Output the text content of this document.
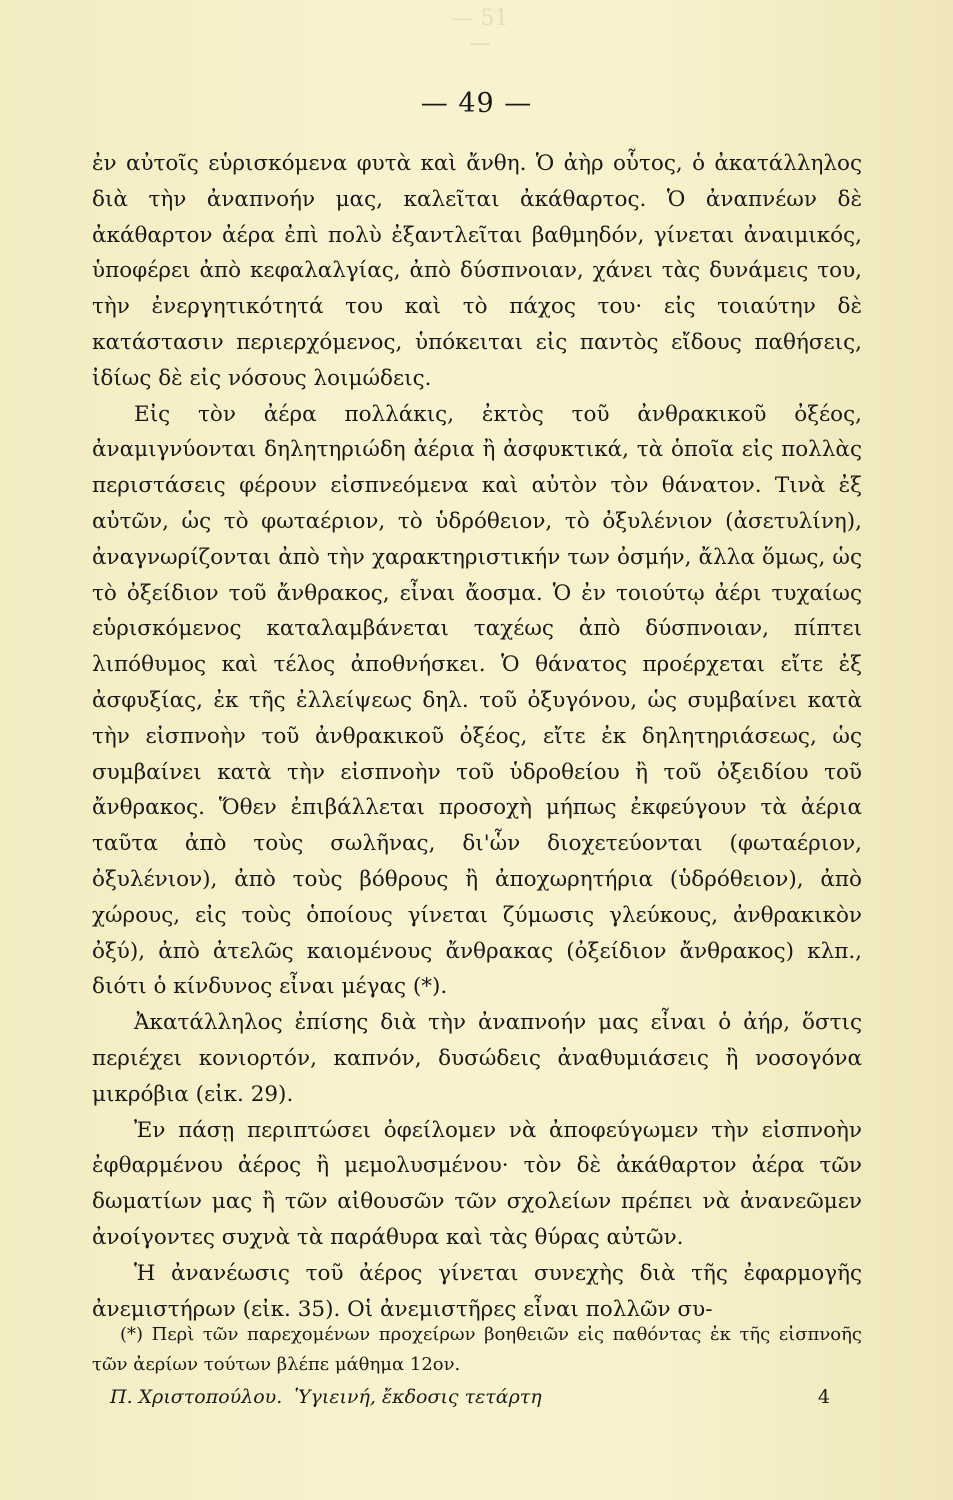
— 51 —
— 49 —

ἐν αὐτοῖς εὑρισκόμενα φυτὰ καὶ ἄνθη. Ὁ ἀὴρ οὗτος, ὁ ἀκατάλληλος διὰ τὴν ἀναπνοήν μας, καλεῖται ἀκάθαρτος. Ὁ ἀναπνέων δὲ ἀκάθαρτον ἀέρα ἐπὶ πολὺ ἐξαντλεῖται βαθμηδόν, γίνεται ἀναιμικός, ὑποφέρει ἀπὸ κεφαλαλγίας, ἀπὸ δύσπνοιαν, χάνει τὰς δυνάμεις του, τὴν ἐνεργητικότητά του καὶ τὸ πάχος του· εἰς τοιαύτην δὲ κατάστασιν περιερχόμενος, ὑπόκειται εἰς παντὸς εἴδους παθήσεις, ἰδίως δὲ εἰς νόσους λοιμώδεις.

Εἰς τὸν ἀέρα πολλάκις, ἐκτὸς τοῦ ἀνθρακικοῦ ὀξέος, ἀναμιγνύονται δηλητηριώδη ἀέρια ἢ ἀσφυκτικά, τὰ ὁποῖα εἰς πολλὰς περιστάσεις φέρουν εἰσπνεόμενα καὶ αὐτὸν τὸν θάνατον. Τινὰ ἐξ αὐτῶν, ὡς τὸ φωταέριον, τὸ ὑδρόθειον, τὸ ὀξυλένιον (ἀσετυλίνη), ἀναγνωρίζονται ἀπὸ τὴν χαρακτηριστικήν των ὀσμήν, ἄλλα ὅμως, ὡς τὸ ὀξείδιον τοῦ ἄνθρακος, εἶναι ἄοσμα. Ὁ ἐν τοιούτῳ ἀέρι τυχαίως εὑρισκόμενος καταλαμβάνεται ταχέως ἀπὸ δύσπνοιαν, πίπτει λιπόθυμος καὶ τέλος ἀποθνήσκει. Ὁ θάνατος προέρχεται εἴτε ἐξ ἀσφυξίας, ἐκ τῆς ἐλλείψεως δηλ. τοῦ ὀξυγόνου, ὡς συμβαίνει κατὰ τὴν εἰσπνοὴν τοῦ ἀνθρακικοῦ ὀξέος, εἴτε ἐκ δηλητηριάσεως, ὡς συμβαίνει κατὰ τὴν εἰσπνοὴν τοῦ ὑδροθείου ἢ τοῦ ὀξειδίου τοῦ ἄνθρακος. Ὅθεν ἐπιβάλλεται προσοχὴ μήπως ἐκφεύγουν τὰ ἀέρια ταῦτα ἀπὸ τοὺς σωλῆνας, δι'ὧν διοχετεύονται (φωταέριον, ὀξυλένιον), ἀπὸ τοὺς βόθρους ἢ ἀποχωρητήρια (ὑδρόθειον), ἀπὸ χώρους, εἰς τοὺς ὁποίους γίνεται ζύμωσις γλεύκους, ἀνθρακικὸν ὀξύ), ἀπὸ ἀτελῶς καιομένους ἄνθρακας (ὀξείδιον ἄνθρακος) κλπ., διότι ὁ κίνδυνος εἶναι μέγας (*).

Ἀκατάλληλος ἐπίσης διὰ τὴν ἀναπνοήν μας εἶναι ὁ ἀήρ, ὅστις περιέχει κονιορτόν, καπνόν, δυσώδεις ἀναθυμιάσεις ἢ νοσογόνα μικρόβια (εἰκ. 29).

Ἐν πάσῃ περιπτώσει ὀφείλομεν νὰ ἀποφεύγωμεν τὴν εἰσπνοὴν ἐφθαρμένου ἀέρος ἢ μεμολυσμένου· τὸν δὲ ἀκάθαρτον ἀέρα τῶν δωματίων μας ἢ τῶν αἰθουσῶν τῶν σχολείων πρέπει νὰ ἀνανεῶμεν ἀνοίγοντες συχνὰ τὰ παράθυρα καὶ τὰς θύρας αὐτῶν.

Ἡ ἀνανέωσις τοῦ ἀέρος γίνεται συνεχὴς διὰ τῆς ἐφαρμογῆς ἀνεμιστήρων (εἰκ. 35). Οἱ ἀνεμιστῆρες εἶναι πολλῶν συ-

(*) Περὶ τῶν παρεχομένων προχείρων βοηθειῶν εἰς παθόντας ἐκ τῆς εἰσπνοῆς τῶν ἀερίων τούτων βλέπε μάθημα 12ον.

Π. Χριστοπούλου. Ὑγιεινή, ἔκδοσις τετάρτη	4
